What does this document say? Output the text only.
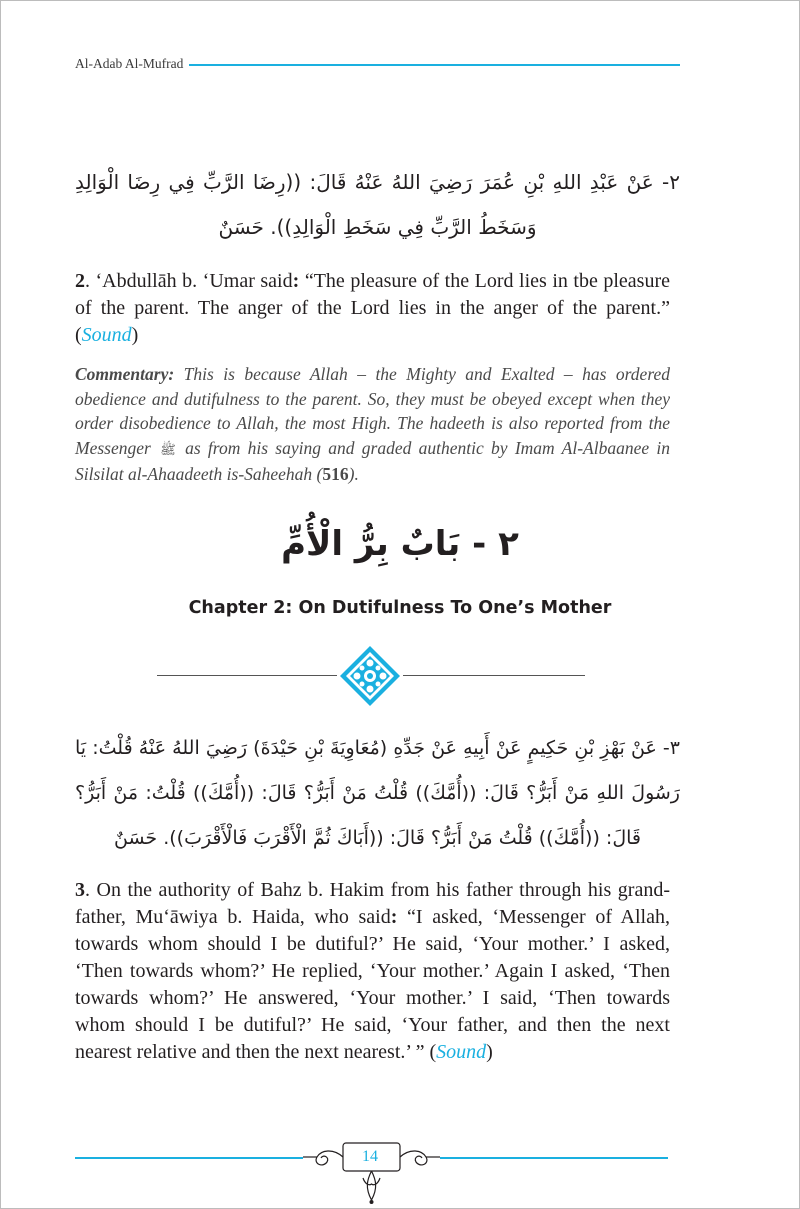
Al-Adab Al-Mufrad
٢- عَنْ عَبْدِ اللهِ بْنِ عُمَرَ رَضِيَ اللهُ عَنْهُ قَالَ: ((رِضَا الرَّبِّ فِي رِضَا الْوَالِدِ وَسَخَطُ الرَّبِّ فِي سَخَطِ الْوَالِدِ)). حَسَنٌ
2. ‘Abdullāh b. ‘Umar said: “The pleasure of the Lord lies in tbe pleasure of the parent. The anger of the Lord lies in the anger of the parent.” (Sound)
Commentary: This is because Allah – the Mighty and Exalted – has ordered obedience and dutifulness to the parent. So, they must be obeyed except when they order disobedience to Allah, the most High. The hadeeth is also reported from the Messenger ﷺ as from his saying and graded authentic by Imam Al-Albaanee in Silsilat al-Ahaadeeth is-Saheehah (516).
٢ - بَابٌ بِرُّ الْأُمِّ
Chapter 2: On Dutifulness To One’s Mother
٣- عَنْ بَهْزِ بْنِ حَكِيمٍ عَنْ أَبِيهِ عَنْ جَدِّهِ (مُعَاوِيَةَ بْنِ حَيْدَةَ) رَضِيَ اللهُ عَنْهُ قُلْتُ: يَا رَسُولَ اللهِ مَنْ أَبَرُّ؟ قَالَ: ((أُمَّكَ)) قُلْتُ مَنْ أَبَرُّ؟ قَالَ: ((أُمَّكَ)) قُلْتُ: مَنْ أَبَرُّ؟ قَالَ: ((أُمَّكَ)) قُلْتُ مَنْ أَبَرُّ؟ قَالَ: ((أَبَاكَ ثُمَّ الْأَقْرَبَ فَالْأَقْرَبَ)). حَسَنٌ
3. On the authority of Bahz b. Hakim from his father through his grand-father, Mu‘āwiya b. Haida, who said: “I asked, ‘Messenger of Allah, towards whom should I be dutiful?’ He said, ‘Your mother.’ I asked, ‘Then towards whom?’ He replied, ‘Your mother.’ Again I asked, ‘Then towards whom?’ He answered, ‘Your mother.’ I said, ‘Then towards whom should I be dutiful?’ He said, ‘Your father, and then the next nearest relative and then the next nearest.’ ” (Sound)
14
